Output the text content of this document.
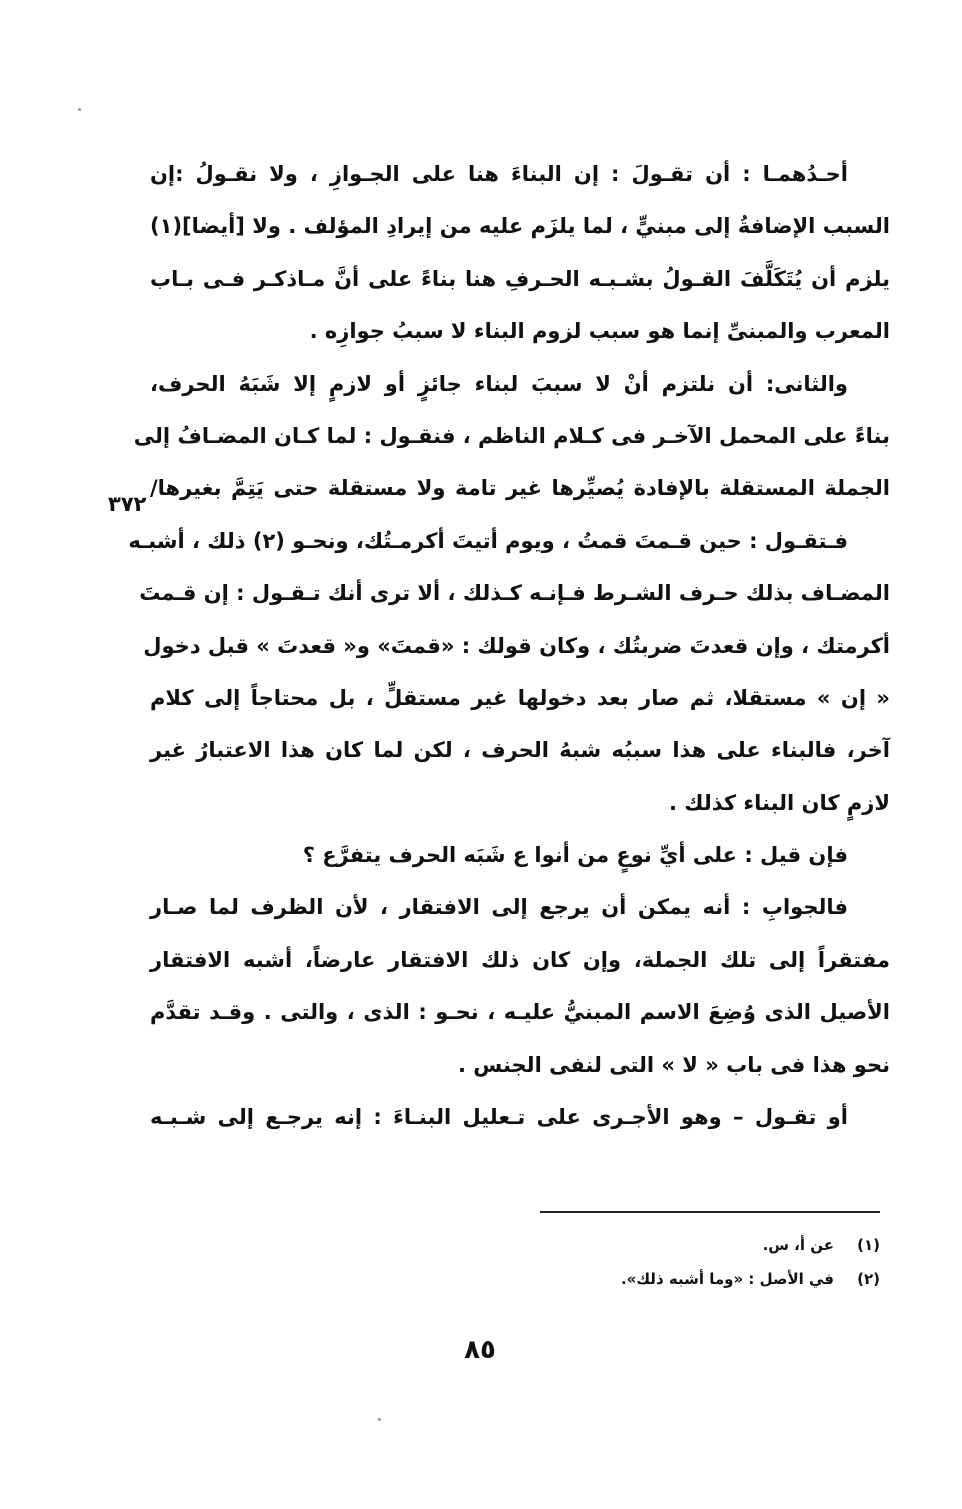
أحـدُهمـا : أن تقـولَ : إن البناءَ هنا على الجـوازِ ، ولا نقـولُ :إن
السبب الإضافةُ إلى مبنيٍّ ، لما يلزَم عليه من إيرادِ المؤلف . ولا [أيضا](١)
يلزم أن يُتَكَلَّفَ القـولُ بشـبـه الحـرفِ هنا بناءً على أنَّ مـاذكـر فـى بـاب
المعرب والمبنىِّ إنما هو سبب لزوم البناء لا سببُ جوازِه .
والثانى: أن نلتزم أنْ لا سببَ لبناء جائزٍ أو لازمٍ إلا شَبَهُ الحرف،
بناءً على المحمل الآخـر فى كـلام الناظم ، فنقـول : لما كـان المضـافُ إلى
الجملة المستقلة بالإفادة يُصيِّرها غير تامة ولا مستقلة حتى يَتِمَّ بغيرها/
فـتقـول : حين قـمتَ قمتُ ، ويوم أتيتَ أكرمـتُك، ونحـو (٢) ذلك ، أشبـه
المضـاف بذلك حـرف الشـرط فـإنـه كـذلك ، ألا ترى أنك تـقـول : إن قـمتَ
أكرمتك ، وإن قعدتَ ضربتُك ، وكان قولك : «قمتَ» و« قعدتَ » قبل دخول
« إن » مستقلا، ثم صار بعد دخولها غير مستقلٍّ ، بل محتاجاً إلى كلام
آخر، فالبناء على هذا سببُه شبهُ الحرف ، لكن لما كان هذا الاعتبارُ غير
لازمٍ كان البناء كذلك .
فإن قيل : على أيِّ نوعٍ من أنوا ع شَبَه الحرف يتفرَّع ؟
فالجوابِ : أنه يمكن أن يرجع إلى الافتقار ، لأن الظرف لما صـار
مفتقراً إلى تلك الجملة، وإن كان ذلك الافتقار عارضاً، أشبه الافتقار
الأصيل الذى وُضِعَ الاسم المبنيُّ عليـه ، نحـو : الذى ، والتى . وقـد تقدَّم
نحو هذا فى باب « لا » التى لنفى الجنس .
أو تقـول – وهو الأجـرى على تـعليل البنـاءَ : إنه يرجـع إلى شـبـه
٣٧٢
(١)عن أ، س.
(٢)في الأصل : «وما أشبه ذلك».
٨٥
